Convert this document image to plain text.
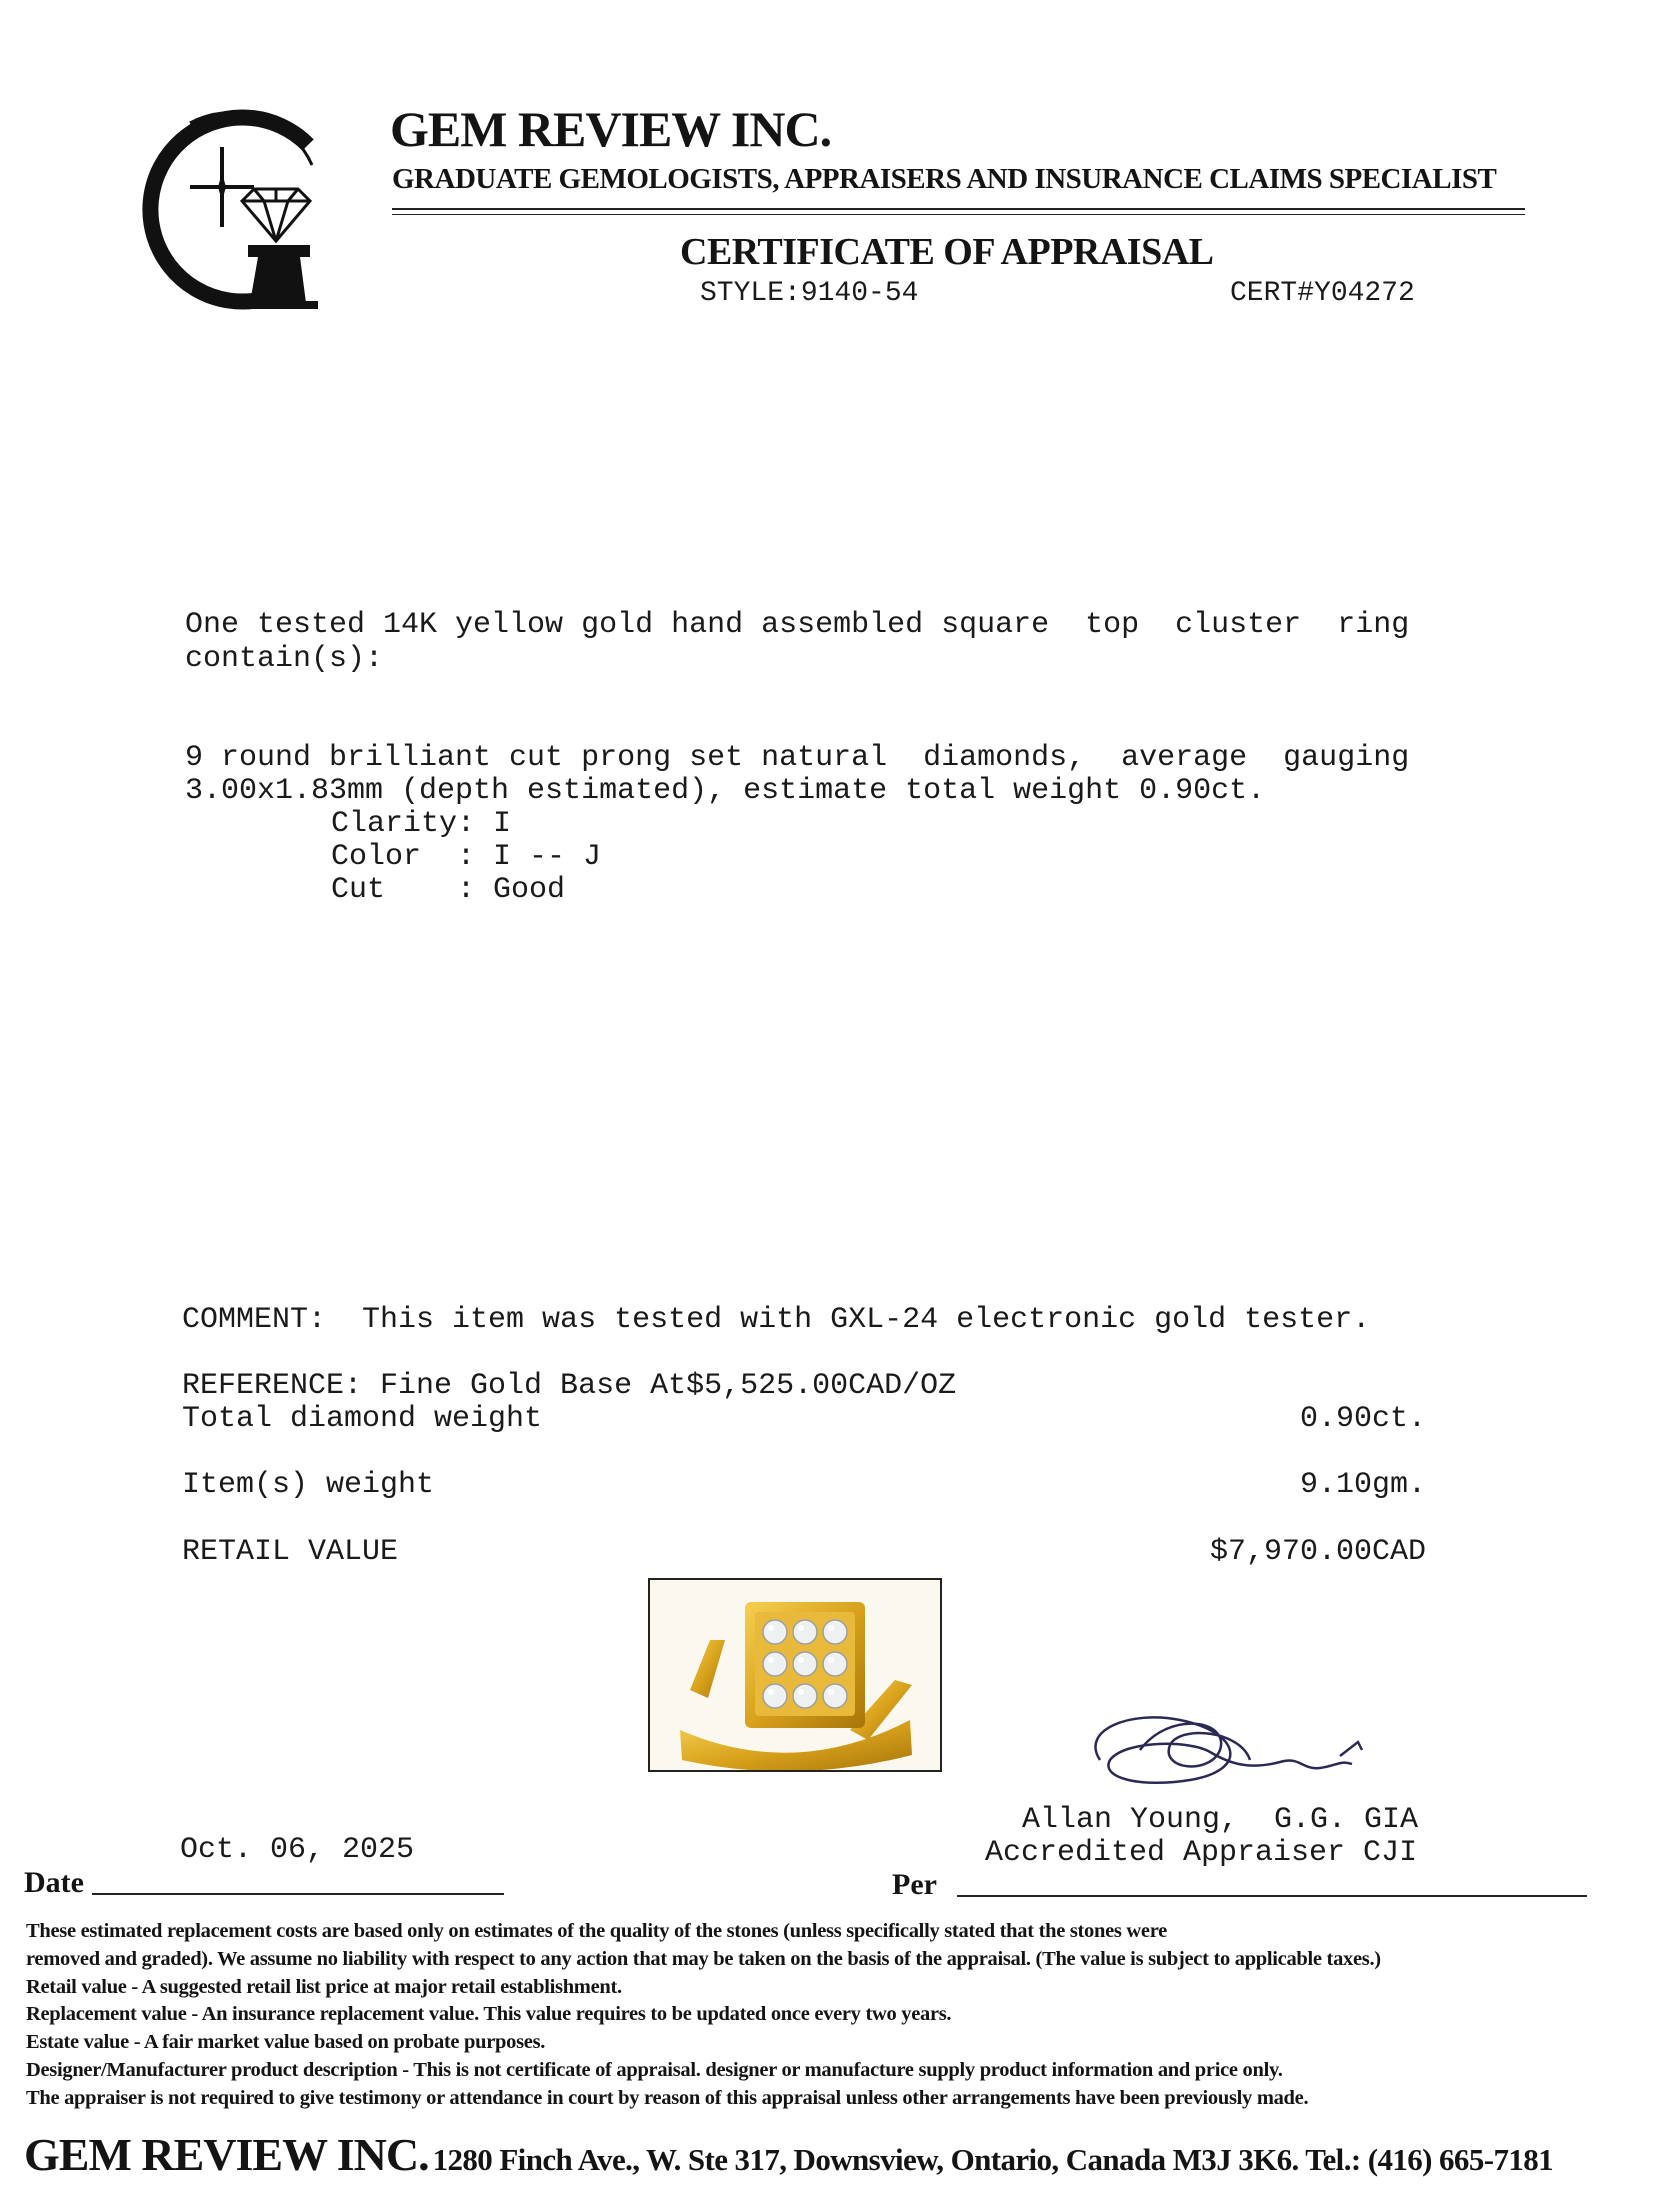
GEM REVIEW INC.
GRADUATE GEMOLOGISTS, APPRAISERS AND INSURANCE CLAIMS SPECIALIST
CERTIFICATE OF APPRAISAL
STYLE:9140-54	CERT#Y04272
One tested 14K yellow gold hand assembled square  top  cluster  ring
contain(s):
9 round brilliant cut prong set natural  diamonds,  average  gauging
3.00x1.83mm (depth estimated), estimate total weight 0.90ct.
Clarity: I
Color  : I -- J
Cut    : Good
COMMENT:  This item was tested with GXL-24 electronic gold tester.
REFERENCE: Fine Gold Base At$5,525.00CAD/OZ
Total diamond weight	0.90ct.
Item(s) weight	9.10gm.
RETAIL VALUE	$7,970.00CAD
Allan Young,  G.G. GIA
Accredited Appraiser CJI
Oct. 06, 2025
Date	Per
These estimated replacement costs are based only on estimates of the quality of the stones (unless specifically stated that the stones were
removed and graded). We assume no liability with respect to any action that may be taken on the basis of the appraisal. (The value is subject to applicable taxes.)
Retail value - A suggested retail list price at major retail establishment.
Replacement value - An insurance replacement value. This value requires to be updated once every two years.
Estate value - A fair market value based on probate purposes.
Designer/Manufacturer product description - This is not certificate of appraisal. designer or manufacture supply product information and price only.
The appraiser is not required to give testimony or attendance in court by reason of this appraisal unless other arrangements have been previously made.
GEM REVIEW INC. 1280 Finch Ave., W. Ste 317, Downsview, Ontario, Canada M3J 3K6. Tel.: (416) 665-7181
